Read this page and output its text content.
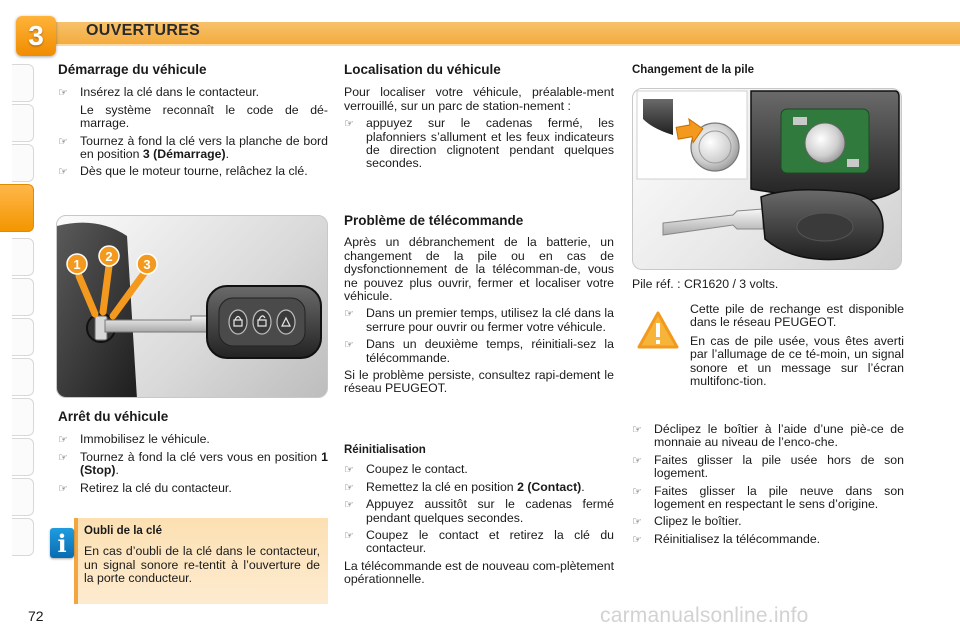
3	OUVERTURES
Démarrage du véhicule
☞ Insérez la clé dans le contacteur.
Le système reconnaît le code de dé-marrage.
☞ Tournez à fond la clé vers la planche de bord en position 3 (Démarrage).
☞ Dès que le moteur tourne, relâchez la clé.
1
2
3
Arrêt du véhicule
☞ Immobilisez le véhicule.
☞ Tournez à fond la clé vers vous en position 1 (Stop).
☞ Retirez la clé du contacteur.
i	Oubli de la clé
En cas d’oubli de la clé dans le contacteur, un signal sonore re-tentit à l’ouverture de la porte conducteur.
Localisation du véhicule
Pour localiser votre véhicule, préalable-ment verrouillé, sur un parc de station-nement :
☞ appuyez sur le cadenas fermé, les plafonniers s’allument et les feux indicateurs de direction clignotent pendant quelques secondes.
Problème de télécommande
Après un débranchement de la batterie, un changement de la pile ou en cas de dysfonctionnement de la télécomman-de, vous ne pouvez plus ouvrir, fermer et localiser votre véhicule.
☞ Dans un premier temps, utilisez la clé dans la serrure pour ouvrir ou fermer votre véhicule.
☞ Dans un deuxième temps, réinitiali-sez la télécommande.
Si le problème persiste, consultez rapi-dement le réseau PEUGEOT.
Réinitialisation
☞ Coupez le contact.
☞ Remettez la clé en position 2 (Contact).
☞ Appuyez aussitôt sur le cadenas fermé pendant quelques secondes.
☞ Coupez le contact et retirez la clé du contacteur.
La télécommande est de nouveau com-plètement opérationnelle.
Changement de la pile
Pile réf. : CR1620 / 3 volts.
Cette pile de rechange est disponible dans le réseau PEUGEOT.
En cas de pile usée, vous êtes averti par l’allumage de ce té-moin, un signal sonore et un message sur l’écran multifonc-tion.
☞ Déclipez le boîtier à l’aide d’une piè-ce de monnaie au niveau de l’enco-che.
☞ Faites glisser la pile usée hors de son logement.
☞ Faites glisser la pile neuve dans son logement en respectant le sens d’origine.
☞ Clipez le boîtier.
☞ Réinitialisez la télécommande.
72	carmanualsonline.info
